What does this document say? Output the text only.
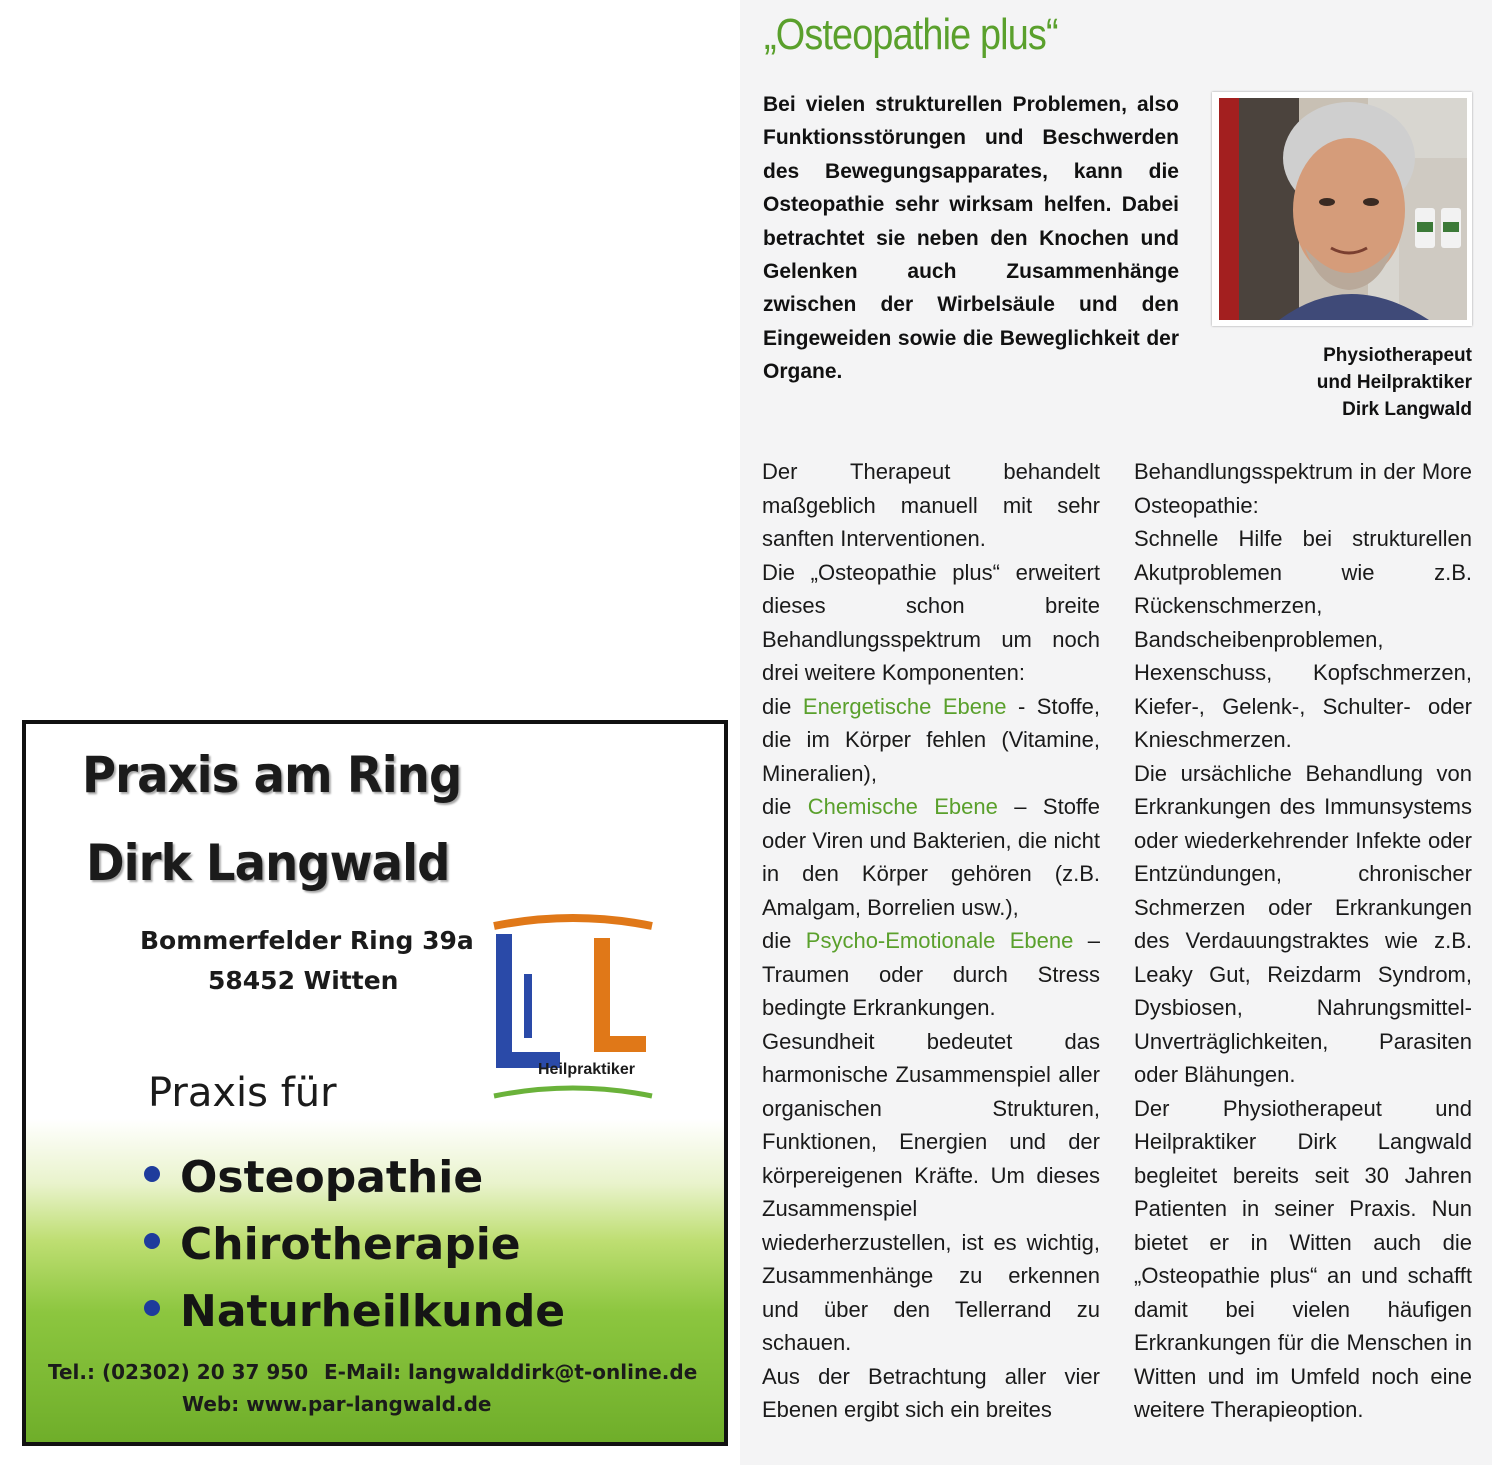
„Osteopathie plus“

Bei vielen strukturellen Problemen, also Funktionsstörungen und Beschwerden des Bewegungsapparates, kann die Osteopathie sehr wirksam helfen. Dabei betrachtet sie neben den Knochen und Gelenken auch Zusammenhänge zwischen der Wirbelsäule und den Eingeweiden sowie die Beweglichkeit der Organe.

Physiotherapeut
und Heilpraktiker
Dirk Langwald

Der Therapeut behandelt maßgeblich manuell mit sehr sanften Interventionen.

Die „Osteopathie plus“ erweitert dieses schon breite Behandlungsspektrum um noch drei weitere Komponenten:

die Energetische Ebene - Stoffe, die im Körper fehlen (Vitamine, Mineralien),

die Chemische Ebene – Stoffe oder Viren und Bakterien, die nicht in den Körper gehören (z.B. Amalgam, Borrelien usw.),

die Psycho-Emotionale Ebene – Traumen oder durch Stress bedingte Erkrankungen.

Gesundheit bedeutet das harmonische Zusammenspiel aller organischen Strukturen, Funktionen, Energien und der körpereigenen Kräfte. Um dieses Zusammenspiel wiederherzustellen, ist es wichtig, Zusammenhänge zu erkennen und über den Tellerrand zu schauen.

Aus der Betrachtung aller vier Ebenen ergibt sich ein breites

Behandlungsspektrum in der More Osteopathie:

Schnelle Hilfe bei strukturellen Akutproblemen wie z.B. Rückenschmerzen, Bandscheibenproblemen, Hexenschuss, Kopfschmerzen, Kiefer-, Gelenk-, Schulter- oder Knieschmerzen.

Die ursächliche Behandlung von Erkrankungen des Immunsystems oder wiederkehrender Infekte oder Entzündungen, chronischer Schmerzen oder Erkrankungen des Verdauungstraktes wie z.B. Leaky Gut, Reizdarm Syndrom, Dysbiosen, Nahrungsmittel-Unverträglichkeiten, Parasiten oder Blähungen.

Der Physiotherapeut und Heilpraktiker Dirk Langwald begleitet bereits seit 30 Jahren Patienten in seiner Praxis. Nun bietet er in Witten auch die „Osteopathie plus“ an und schafft damit bei vielen häufigen Erkrankungen für die Menschen in Witten und im Umfeld noch eine weitere Therapieoption.

Praxis am Ring
Dirk Langwald
Bommerfelder Ring 39a
58452 Witten
Heilpraktiker
Praxis für
Osteopathie
Chirotherapie
Naturheilkunde
Tel.: (02302) 20 37 950 E-Mail: langwalddirk@t-online.de
Web: www.par-langwald.de
